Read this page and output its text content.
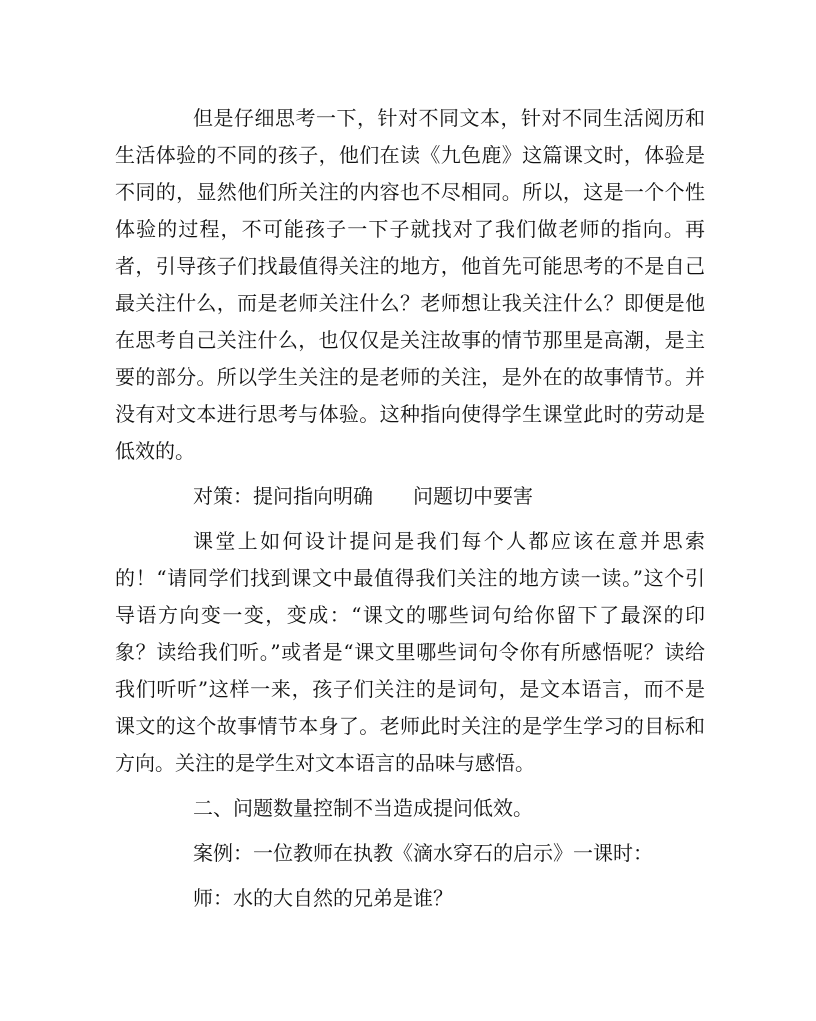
但是仔细思考一下，针对不同文本，针对不同生活阅历和生活体验的不同的孩子，他们在读《九色鹿》这篇课文时，体验是不同的，显然他们所关注的内容也不尽相同。所以，这是一个个性体验的过程，不可能孩子一下子就找对了我们做老师的指向。再者，引导孩子们找最值得关注的地方，他首先可能思考的不是自己最关注什么，而是老师关注什么？老师想让我关注什么？即便是他在思考自己关注什么，也仅仅是关注故事的情节那里是高潮，是主要的部分。所以学生关注的是老师的关注，是外在的故事情节。并没有对文本进行思考与体验。这种指向使得学生课堂此时的劳动是低效的。

对策：提问指向明确　　问题切中要害

课堂上如何设计提问是我们每个人都应该在意并思索的！“请同学们找到课文中最值得我们关注的地方读一读。”这个引导语方向变一变，变成：“课文的哪些词句给你留下了最深的印象？读给我们听。”或者是“课文里哪些词句令你有所感悟呢？读给我们听听”这样一来，孩子们关注的是词句，是文本语言，而不是课文的这个故事情节本身了。老师此时关注的是学生学习的目标和方向。关注的是学生对文本语言的品味与感悟。

二、问题数量控制不当造成提问低效。

案例：一位教师在执教《滴水穿石的启示》一课时：

师：水的大自然的兄弟是谁？
